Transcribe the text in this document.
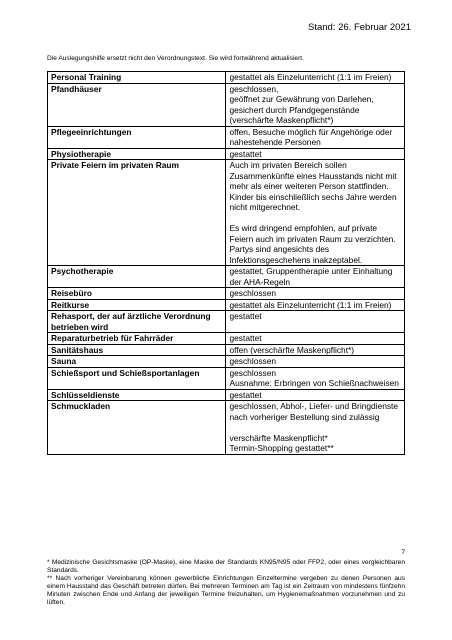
Stand: 26. Februar 2021
Die Auslegungshilfe ersetzt nicht den Verordnungstext. Sie wird fortwährend aktualisiert.
Personal Training	gestattet als Einzelunterricht (1:1 im Freien)
Pfandhäuser	geschlossen,
geöffnet zur Gewährung von Darlehen, gesichert durch Pfandgegenstände (verschärfte Maskenpflicht*)
Pflegeeinrichtungen	offen, Besuche möglich für Angehörige oder nahestehende Personen
Physiotherapie	gestattet
Private Feiern im privaten Raum	Auch im privaten Bereich sollen Zusammenkünfte eines Hausstands nicht mit mehr als einer weiteren Person stattfinden. Kinder bis einschließlich sechs Jahre werden nicht mitgerechnet.

Es wird dringend empfohlen, auf private Feiern auch im privaten Raum zu verzichten. Partys sind angesichts des Infektionsgeschehens inakzeptabel.
Psychotherapie	gestattet, Gruppentherapie unter Einhaltung der AHA-Regeln
Reisebüro	geschlossen
Reitkurse	gestattet als Einzelunterricht (1:1 im Freien)
Rehasport, der auf ärztliche Verordnung betrieben wird	gestattet
Reparaturbetrieb für Fahrräder	gestattet
Sanitätshaus	offen (verschärfte Maskenpflicht*)
Sauna	geschlossen
Schießsport und Schießsportanlagen	geschlossen
Ausnahme: Erbringen von Schießnachweisen
Schlüsseldienste	gestattet
Schmuckladen	geschlossen, Abhol-, Liefer- und Bringdienste nach vorheriger Bestellung sind zulässig

verschärfte Maskenpflicht*
Termin-Shopping gestattet**
7

* Medizinische Gesichtsmaske (OP-Maske), eine Maske der Standards KN95/N95 oder FFP2, oder eines vergleichbaren Standards.

** Nach vorheriger Vereinbarung können gewerbliche Einrichtungen Einzeltermine vergeben zu denen Personen aus einem Hausstand das Geschäft betreten dürfen. Bei mehreren Terminen am Tag ist ein Zeitraum von mindestens fünfzehn Minuten zwischen Ende und Anfang der jeweiligen Termine freizuhalten, um Hygienemaßnahmen vorzunehmen und zu lüften.
